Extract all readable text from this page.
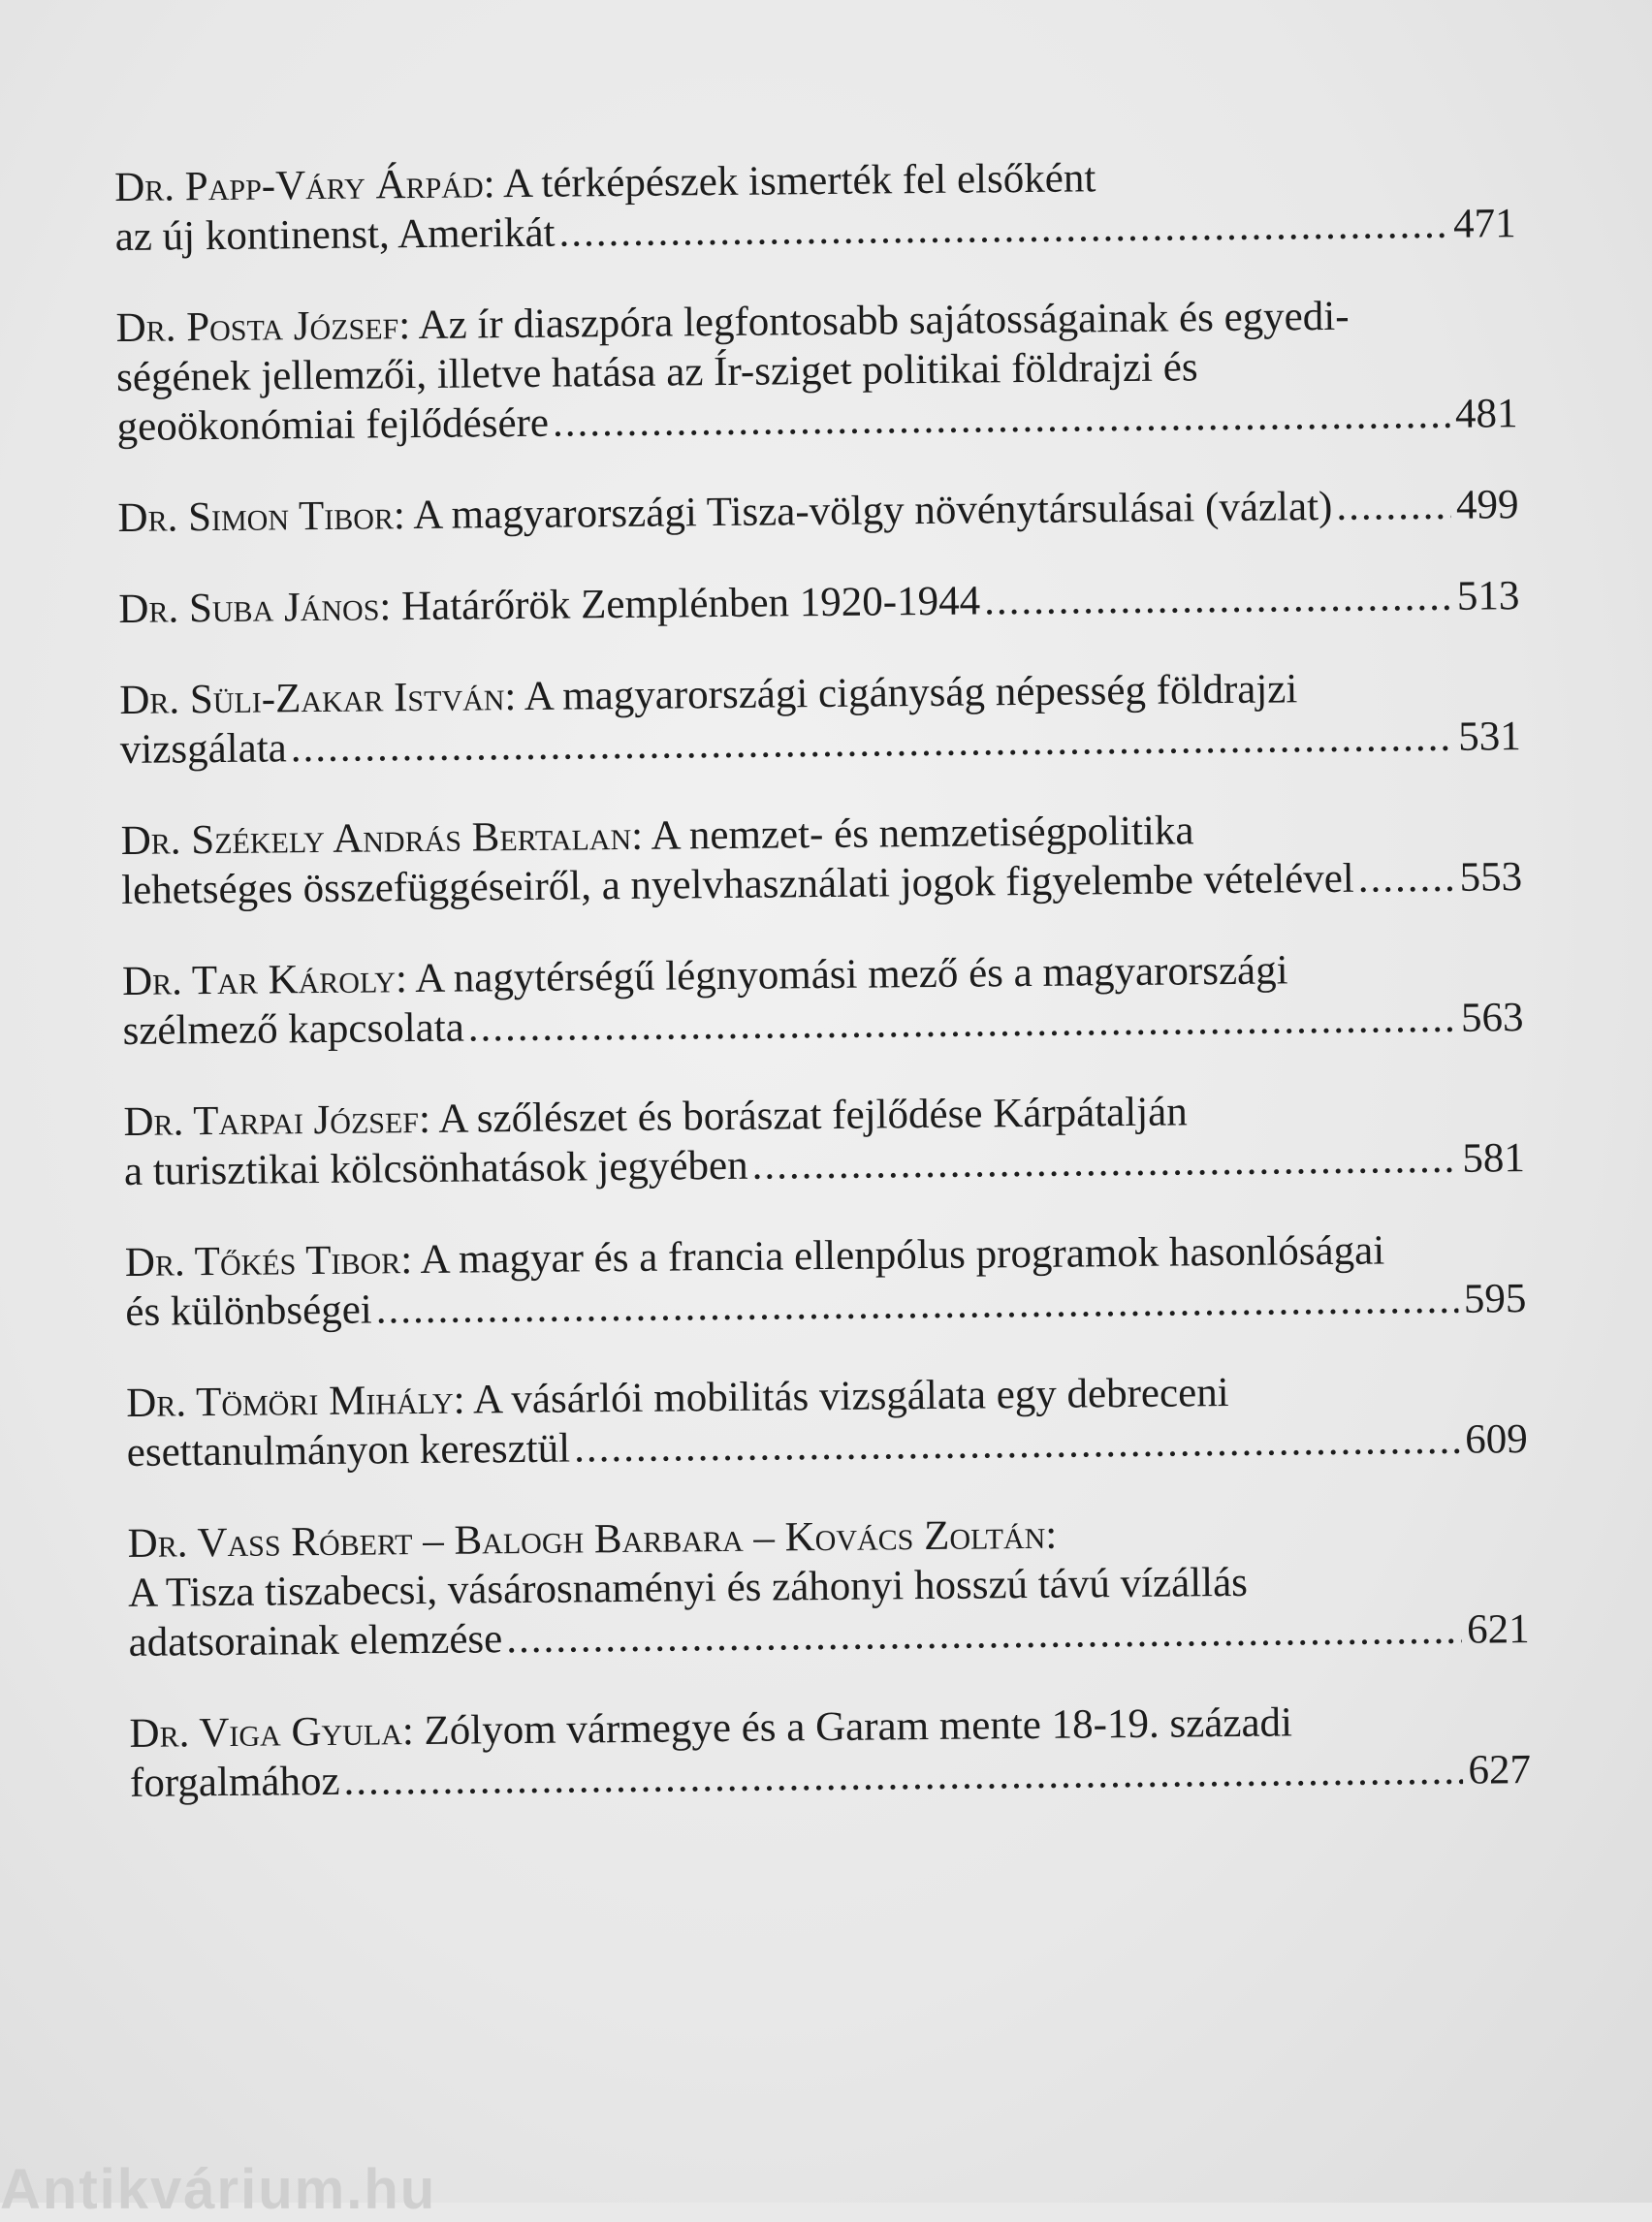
Dr. Papp-Váry Árpád: A térképészek ismerték fel elsőként
az új kontinenst, Amerikát .....	471
Dr. Posta József: Az ír diaszpóra legfontosabb sajátosságainak és egyedi-
ségének jellemzői, illetve hatása az Ír-sziget politikai földrajzi és
geoökonómiai fejlődésére .....	481
Dr. Simon Tibor: A magyarországi Tisza-völgy növénytársulásai (vázlat) .....	499
Dr. Suba János: Határőrök Zemplénben 1920-1944 .....	513
Dr. Süli-Zakar István: A magyarországi cigányság népesség földrajzi
vizsgálata .....	531
Dr. Székely András Bertalan: A nemzet- és nemzetiségpolitika
lehetséges összefüggéseiről, a nyelvhasználati jogok figyelembe vételével .....	553
Dr. Tar Károly: A nagytérségű légnyomási mező és a magyarországi
szélmező kapcsolata .....	563
Dr. Tarpai József: A szőlészet és borászat fejlődése Kárpátalján
a turisztikai kölcsönhatások jegyében .....	581
Dr. Tőkés Tibor: A magyar és a francia ellenpólus programok hasonlóságai
és különbségei .....	595
Dr. Tömöri Mihály: A vásárlói mobilitás vizsgálata egy debreceni
esettanulmányon keresztül .....	609
Dr. Vass Róbert – Balogh Barbara – Kovács Zoltán:
A Tisza tiszabecsi, vásárosnaményi és záhonyi hosszú távú vízállás
adatsorainak elemzése .....	621
Dr. Viga Gyula: Zólyom vármegye és a Garam mente 18-19. századi
forgalmához .....	627
Antikvárium.hu
